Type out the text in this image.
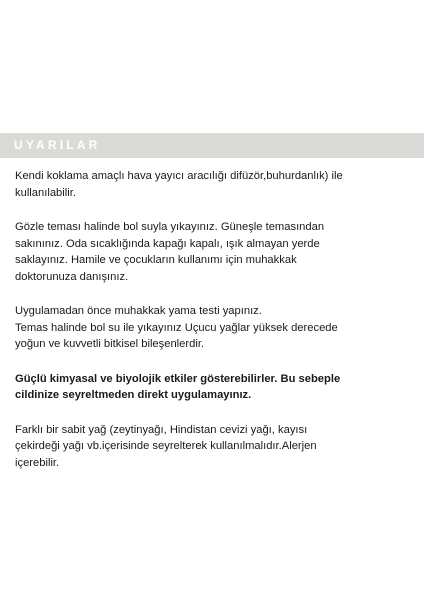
UYARILAR

Kendi koklama amaçlı hava yayıcı aracılığı difüzör,buhurdanlık) ile
kullanılabilir.

Gözle teması halinde bol suyla yıkayınız. Güneşle temasından
sakınınız. Oda sıcaklığında kapağı kapalı, ışık almayan yerde
saklayınız. Hamile ve çocukların kullanımı için muhakkak
doktorunuza danışınız.

Uygulamadan önce muhakkak yama testi yapınız.
Temas halinde bol su ile yıkayınız Uçucu yağlar yüksek derecede
yoğun ve kuvvetli bitkisel bileşenlerdir.

Güçlü kimyasal ve biyolojik etkiler gösterebilirler. Bu sebeple
cildinize seyreltmeden direkt uygulamayınız.

Farklı bir sabit yağ (zeytinyağı, Hindistan cevizi yağı, kayısı
çekirdeği yağı vb.içerisinde seyrelterek kullanılmalıdır.Alerjen
içerebilir.
